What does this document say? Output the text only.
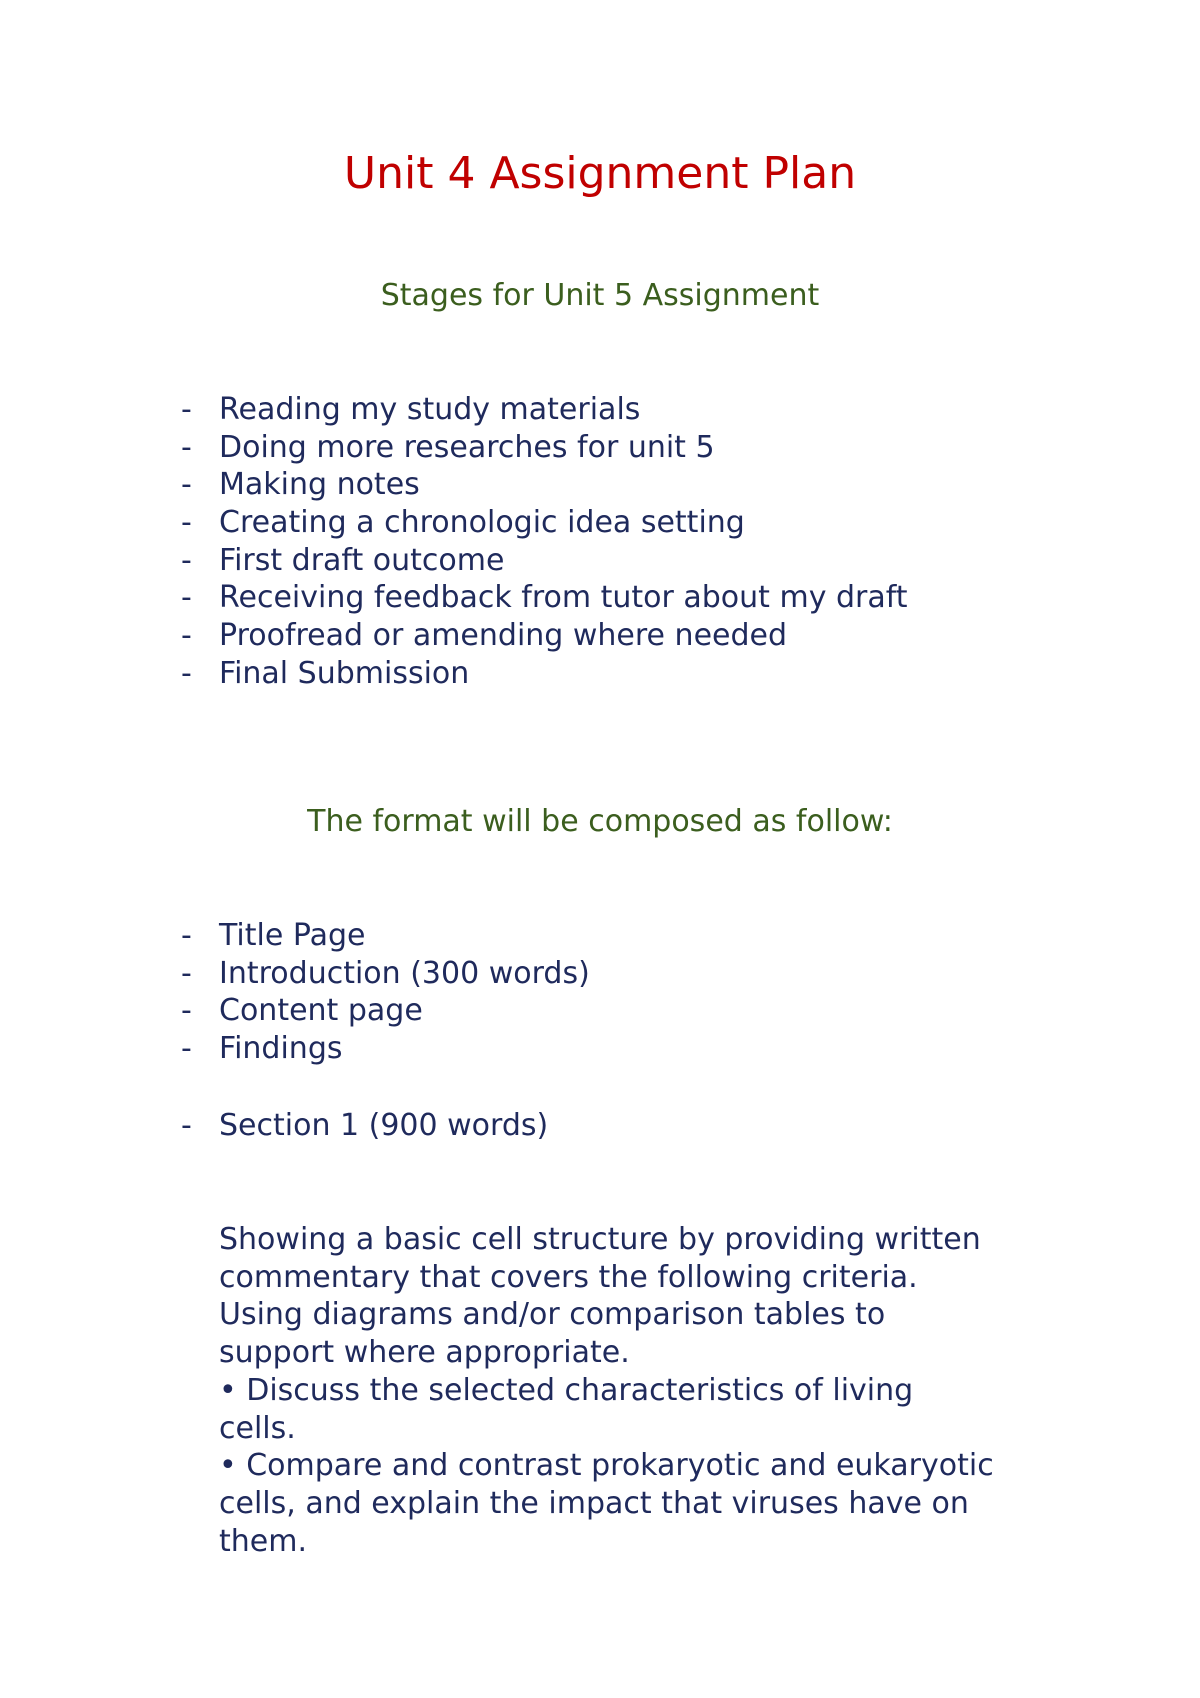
Unit 4 Assignment Plan
Stages for Unit 5 Assignment
- Reading my study materials
- Doing more researches for unit 5
- Making notes
- Creating a chronologic idea setting
- First draft outcome
- Receiving feedback from tutor about my draft
- Proofread or amending where needed
- Final Submission
The format will be composed as follow:
- Title Page
- Introduction (300 words)
- Content page
- Findings
- Section 1 (900 words)
Showing a basic cell structure by providing written
commentary that covers the following criteria.
Using diagrams and/or comparison tables to
support where appropriate.
• Discuss the selected characteristics of living
cells.
• Compare and contrast prokaryotic and eukaryotic
cells, and explain the impact that viruses have on
them.
